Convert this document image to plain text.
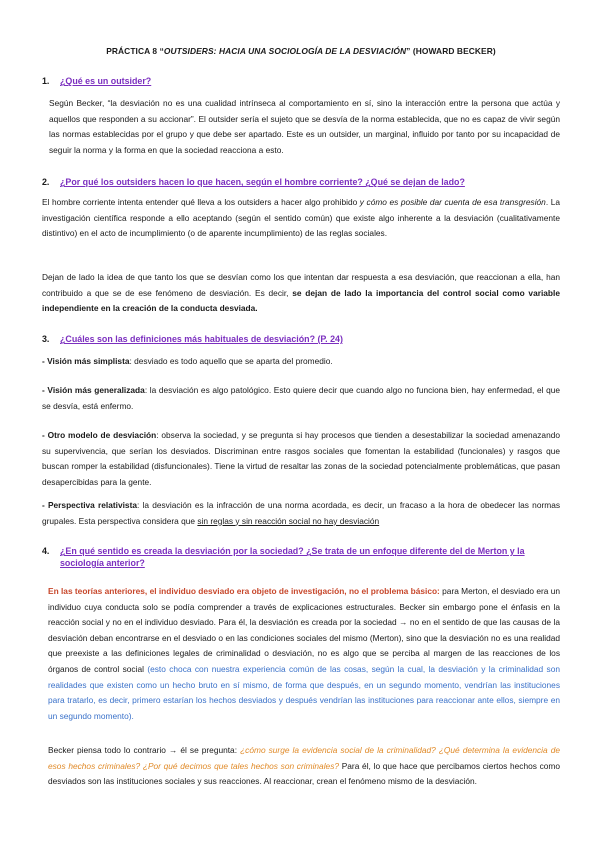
PRÁCTICA 8 “OUTSIDERS: HACIA UNA SOCIOLOGÍA DE LA DESVIACIÓN” (HOWARD BECKER)

1.	¿Qué es un outsider?

Según Becker, “la desviación no es una cualidad intrínseca al comportamiento en sí, sino la interacción entre la persona que actúa y aquellos que responden a su accionar”. El outsider sería el sujeto que se desvía de la norma establecida, que no es capaz de vivir según las normas establecidas por el grupo y que debe ser apartado. Este es un outsider, un marginal, influido por tanto por su incapacidad de seguir la norma y la forma en que la sociedad reacciona a esto.

2.	¿Por qué los outsiders hacen lo que hacen, según el hombre corriente? ¿Qué se dejan de lado?

El hombre corriente intenta entender qué lleva a los outsiders a hacer algo prohibido y cómo es posible dar cuenta de esa transgresión. La investigación científica responde a ello aceptando (según el sentido común) que existe algo inherente a la desviación (cualitativamente distintivo) en el acto de incumplimiento (o de aparente incumplimiento) de las reglas sociales.

Dejan de lado la idea de que tanto los que se desvían como los que intentan dar respuesta a esa desviación, que reaccionan a ella, han contribuido a que se de ese fenómeno de desviación. Es decir, se dejan de lado la importancia del control social como variable independiente en la creación de la conducta desviada.

3.	¿Cuáles son las definiciones más habituales de desviación? (P. 24)

- Visión más simplista: desviado es todo aquello que se aparta del promedio.

- Visión más generalizada: la desviación es algo patológico. Esto quiere decir que cuando algo no funciona bien, hay enfermedad, el que se desvía, está enfermo.

- Otro modelo de desviación: observa la sociedad, y se pregunta si hay procesos que tienden a desestabilizar la sociedad amenazando su supervivencia, que serían los desviados. Discriminan entre rasgos sociales que fomentan la estabilidad (funcionales) y rasgos que buscan romper la estabilidad (disfuncionales). Tiene la virtud de resaltar las zonas de la sociedad potencialmente problemáticas, que pasan desapercibidas para la gente.

- Perspectiva relativista: la desviación es la infracción de una norma acordada, es decir, un fracaso a la hora de obedecer las normas grupales. Esta perspectiva considera que sin reglas y sin reacción social no hay desviación

4.	¿En qué sentido es creada la desviación por la sociedad? ¿Se trata de un enfoque diferente del de Merton y la sociología anterior?

En las teorías anteriores, el individuo desviado era objeto de investigación, no el problema básico: para Merton, el desviado era un individuo cuya conducta solo se podía comprender a través de explicaciones estructurales. Becker sin embargo pone el énfasis en la reacción social y no en el individuo desviado. Para él, la desviación es creada por la sociedad → no en el sentido de que las causas de la desviación deban encontrarse en el desviado o en las condiciones sociales del mismo (Merton), sino que la desviación no es una realidad que preexiste a las definiciones legales de criminalidad o desviación, no es algo que se perciba al margen de las reacciones de los órganos de control social (esto choca con nuestra experiencia común de las cosas, según la cual, la desviación y la criminalidad son realidades que existen como un hecho bruto en sí mismo, de forma que después, en un segundo momento, vendrían las instituciones para tratarlo, es decir, primero estarían los hechos desviados y después vendrían las instituciones para reaccionar ante ellos, siempre en un segundo momento).

Becker piensa todo lo contrario → él se pregunta: ¿cómo surge la evidencia social de la criminalidad? ¿Qué determina la evidencia de esos hechos criminales? ¿Por qué decimos que tales hechos son criminales? Para él, lo que hace que percibamos ciertos hechos como desviados son las instituciones sociales y sus reacciones. Al reaccionar, crean el fenómeno mismo de la desviación.
